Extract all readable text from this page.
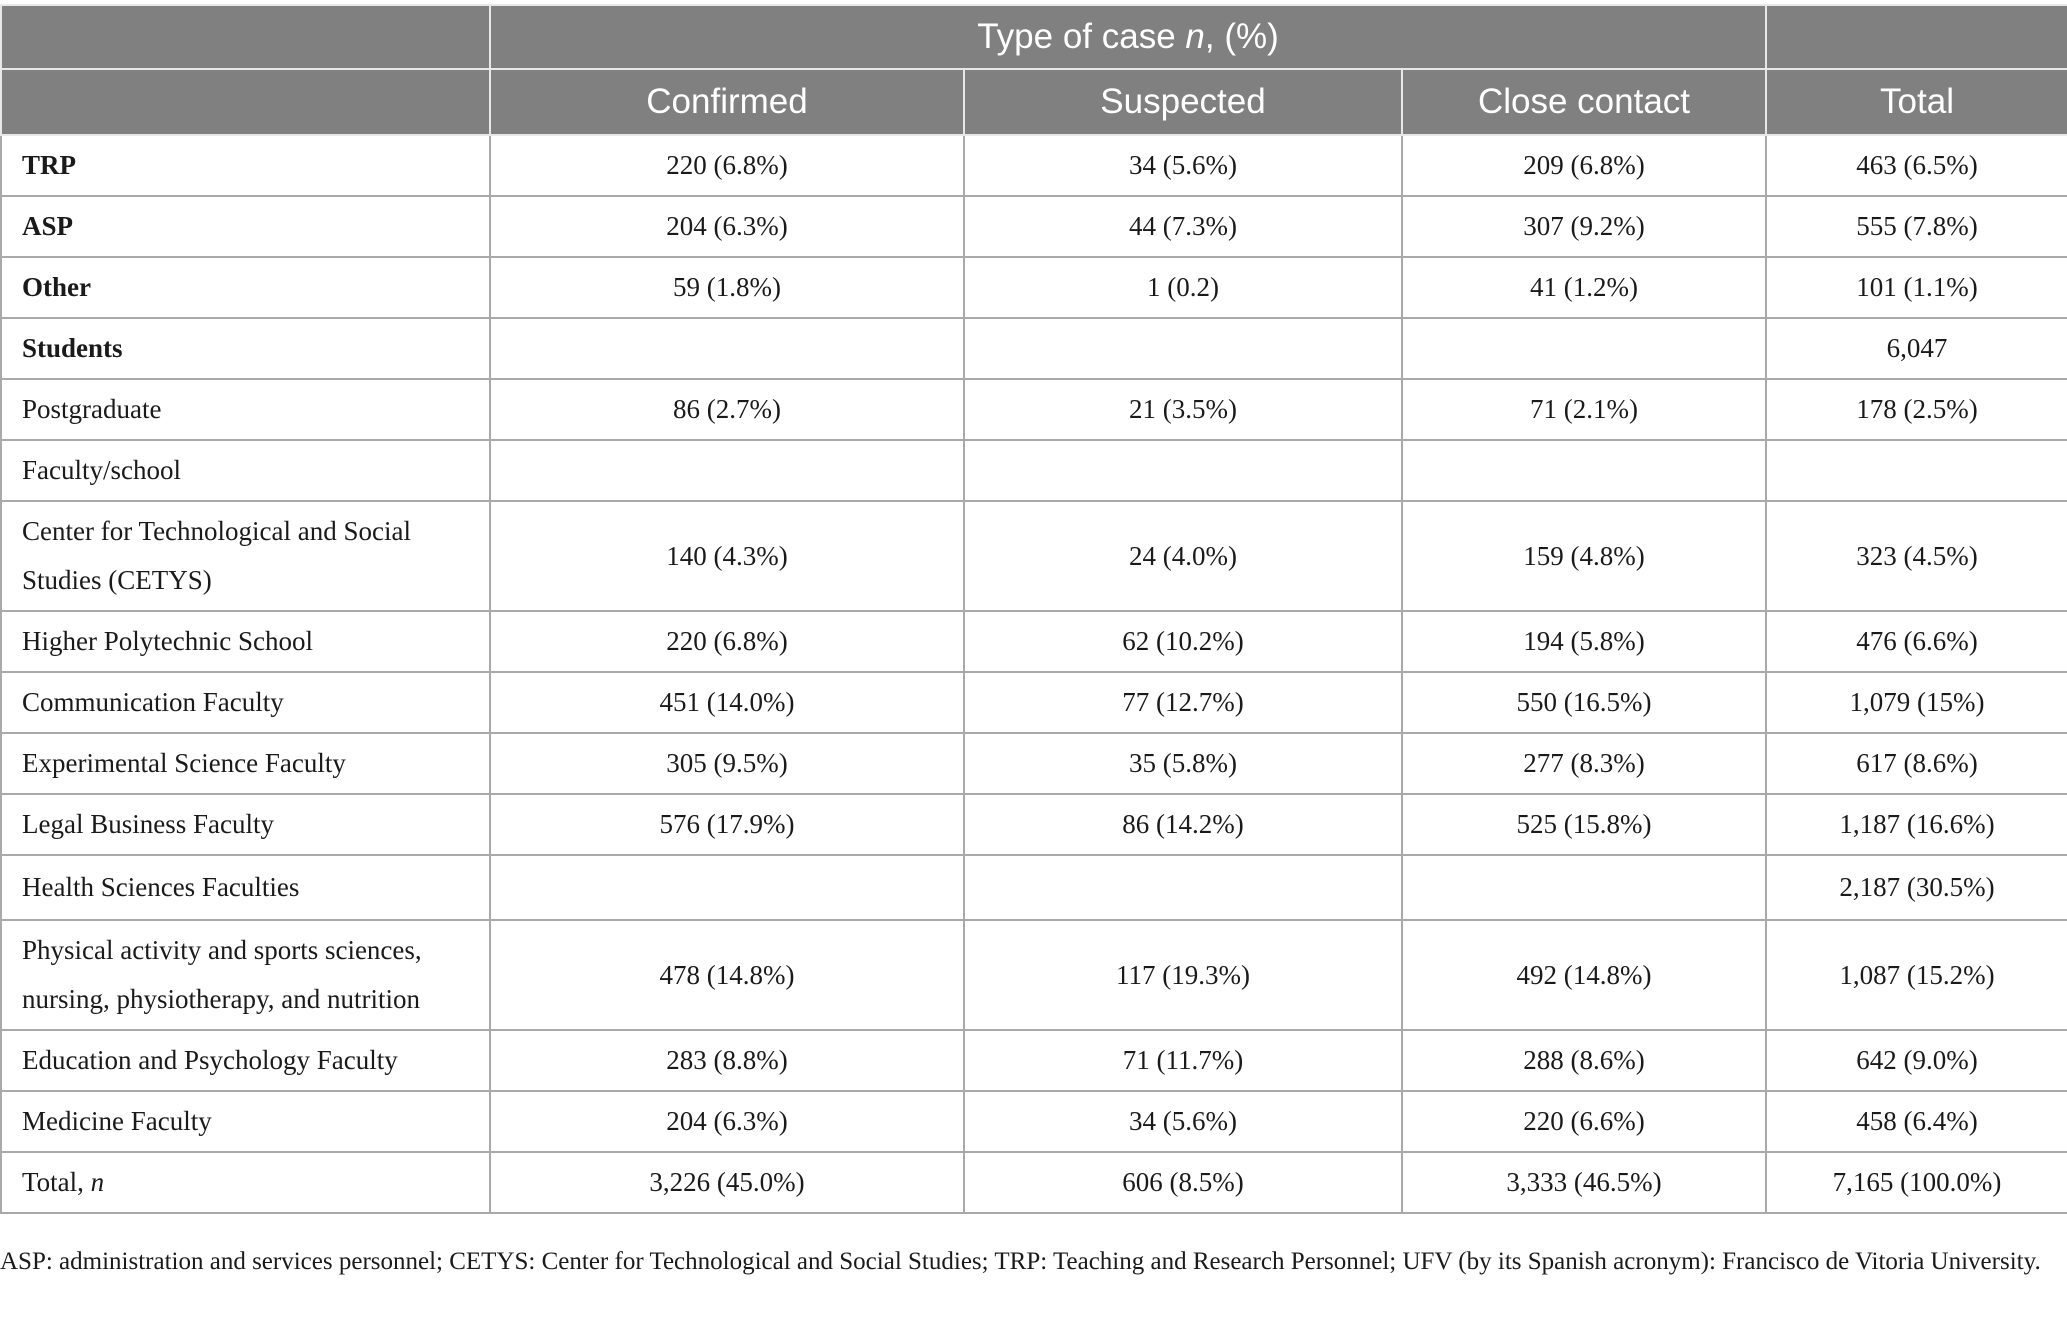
	Type of case n, (%)			
	Confirmed	Suspected	Close contact	Total
TRP	220 (6.8%)	34 (5.6%)	209 (6.8%)	463 (6.5%)
ASP	204 (6.3%)	44 (7.3%)	307 (9.2%)	555 (7.8%)
Other	59 (1.8%)	1 (0.2)	41 (1.2%)	101 (1.1%)
Students				6,047
Postgraduate	86 (2.7%)	21 (3.5%)	71 (2.1%)	178 (2.5%)
Faculty/school				
Center for Technological and Social Studies (CETYS)	140 (4.3%)	24 (4.0%)	159 (4.8%)	323 (4.5%)
Higher Polytechnic School	220 (6.8%)	62 (10.2%)	194 (5.8%)	476 (6.6%)
Communication Faculty	451 (14.0%)	77 (12.7%)	550 (16.5%)	1,079 (15%)
Experimental Science Faculty	305 (9.5%)	35 (5.8%)	277 (8.3%)	617 (8.6%)
Legal Business Faculty	576 (17.9%)	86 (14.2%)	525 (15.8%)	1,187 (16.6%)
Health Sciences Faculties				2,187 (30.5%)
Physical activity and sports sciences, nursing, physiotherapy, and nutrition	478 (14.8%)	117 (19.3%)	492 (14.8%)	1,087 (15.2%)
Education and Psychology Faculty	283 (8.8%)	71 (11.7%)	288 (8.6%)	642 (9.0%)
Medicine Faculty	204 (6.3%)	34 (5.6%)	220 (6.6%)	458 (6.4%)
Total, n	3,226 (45.0%)	606 (8.5%)	3,333 (46.5%)	7,165 (100.0%)
ASP: administration and services personnel; CETYS: Center for Technological and Social Studies; TRP: Teaching and Research Personnel; UFV (by its Spanish acronym): Francisco de Vitoria University.
